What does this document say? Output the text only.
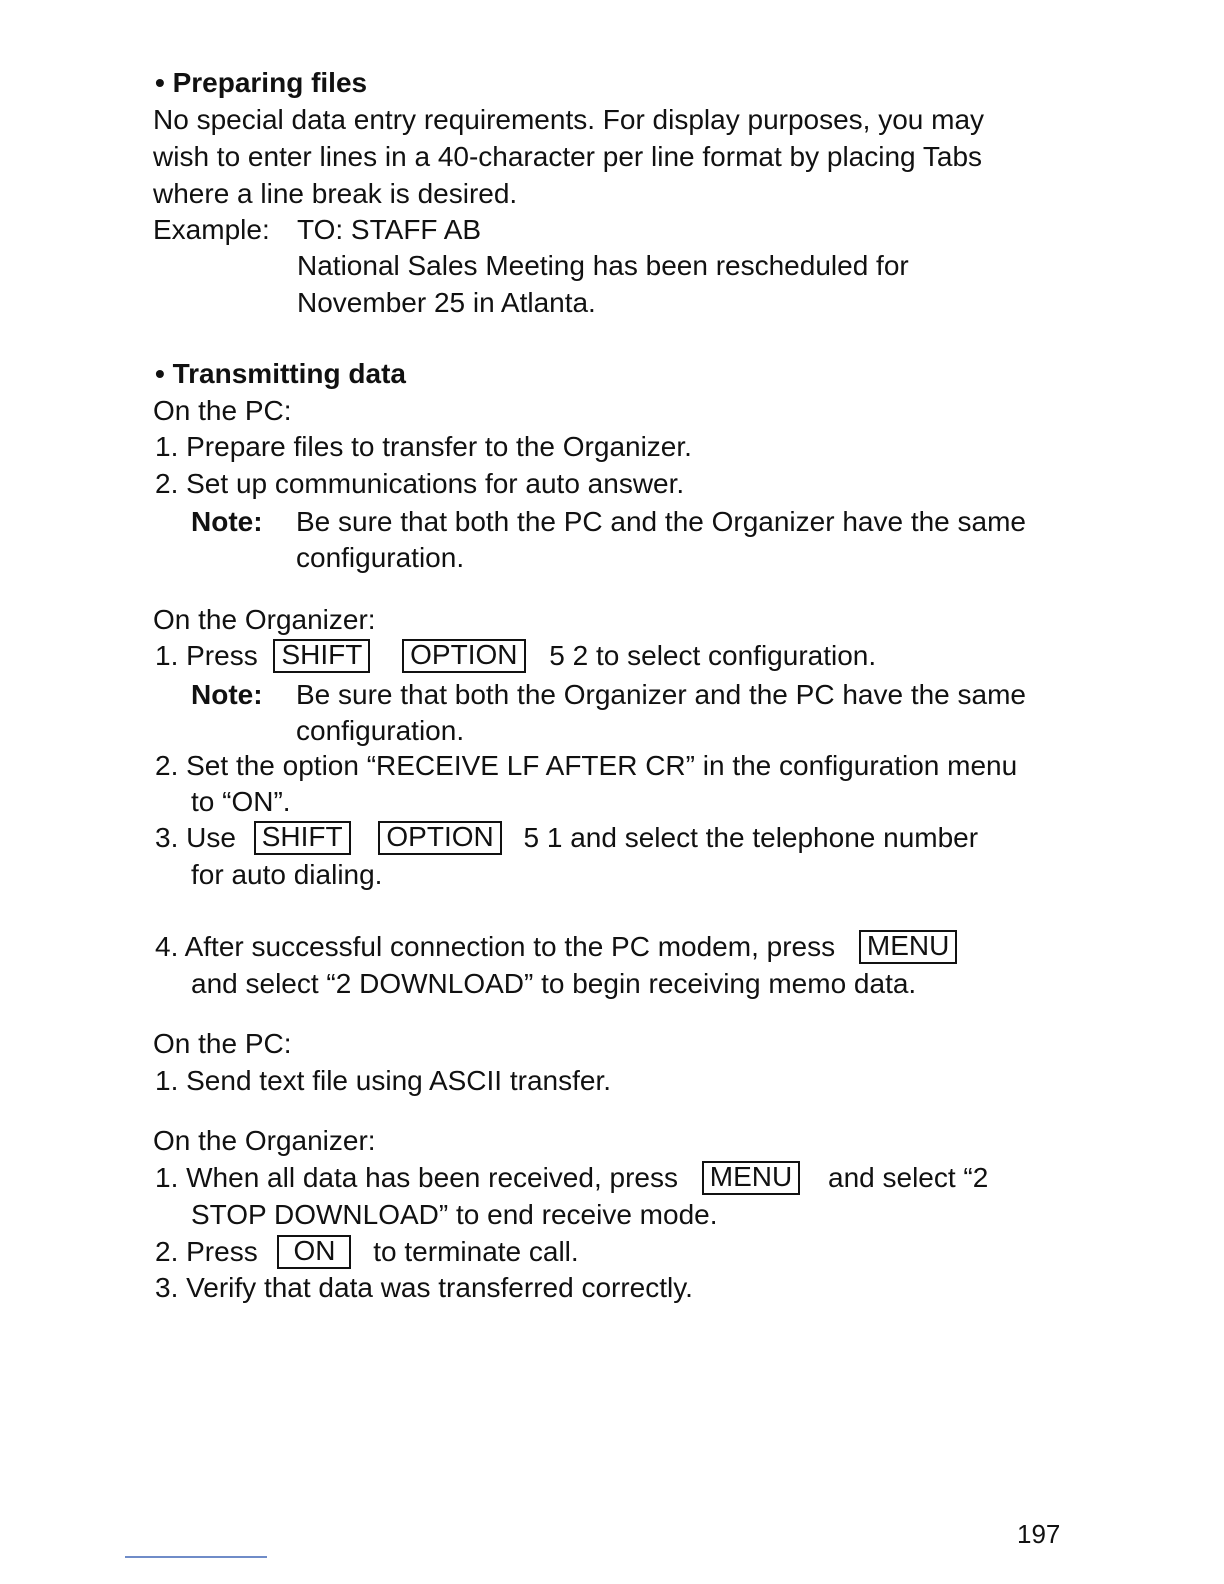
• Preparing files
No special data entry requirements. For display purposes, you may
wish to enter lines in a 40-character per line format by placing Tabs
where a line break is desired.
Example: TO: STAFF AB
National Sales Meeting has been rescheduled for
November 25 in Atlanta.
• Transmitting data
On the PC:
1. Prepare files to transfer to the Organizer.
2. Set up communications for auto answer.
Note: Be sure that both the PC and the Organizer have the same
configuration.
On the Organizer:
1. Press SHIFT OPTION 5 2 to select configuration.
Note: Be sure that both the Organizer and the PC have the same
configuration.
2. Set the option “RECEIVE LF AFTER CR” in the configuration menu
to “ON”.
3. Use SHIFT OPTION 5 1 and select the telephone number
for auto dialing.
4. After successful connection to the PC modem, press MENU
and select “2 DOWNLOAD” to begin receiving memo data.
On the PC:
1. Send text file using ASCII transfer.
On the Organizer:
1. When all data has been received, press MENU and select “2
STOP DOWNLOAD” to end receive mode.
2. Press ON to terminate call.
3. Verify that data was transferred correctly.
197
